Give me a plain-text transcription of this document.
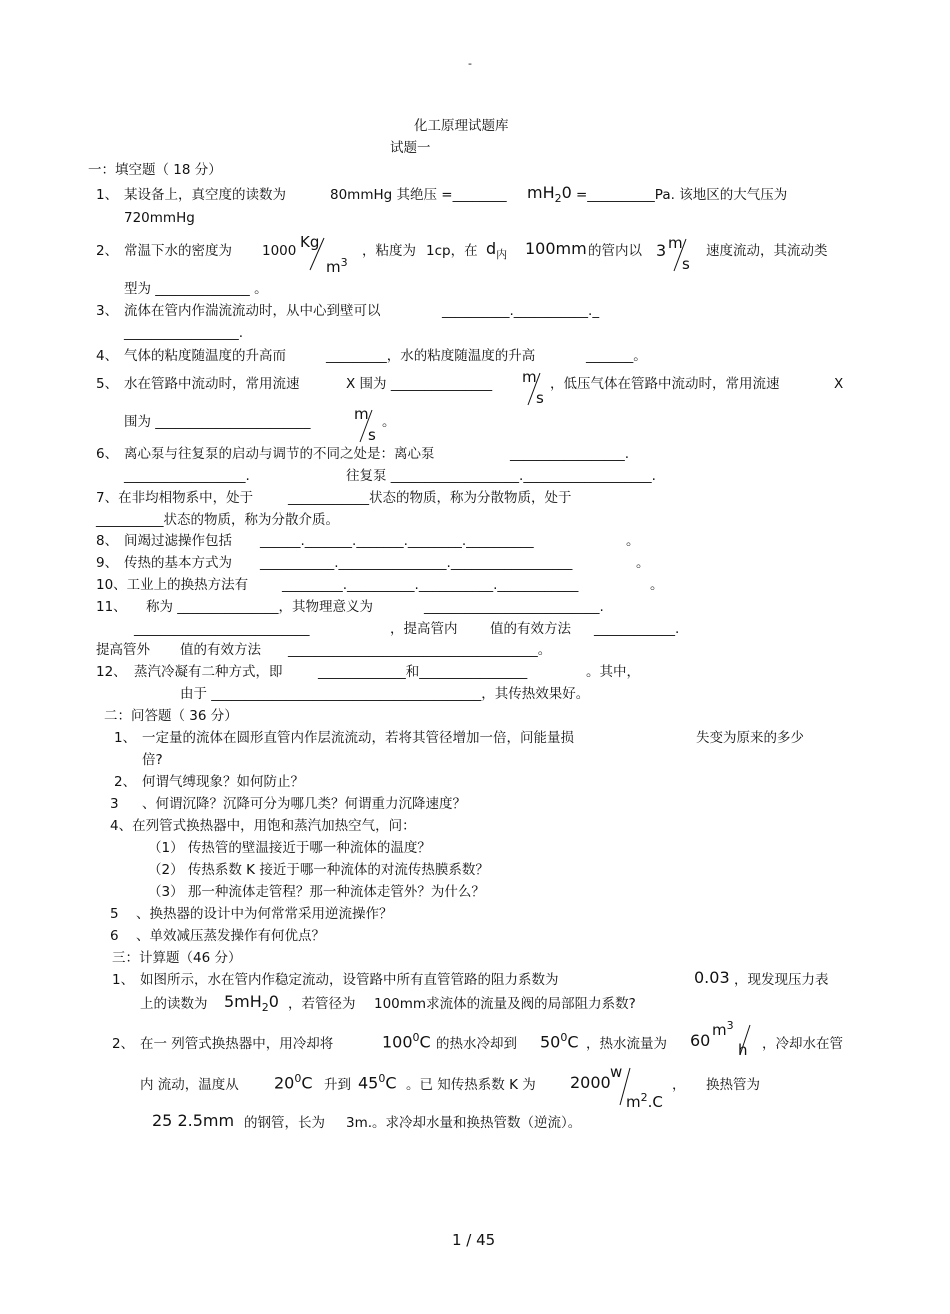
-
化工原理试题库
试题一
一：填空题（ 18 分）
1、 某设备上，真空度的读数为	80mmHg 其绝压 =________ $mH_20$ =__________Pa. 该地区的大气压为
720mmHg
2、 常温下水的密度为 1000 Kg
$m^3$
，粘度为 1cp，在 $d_内$ 100mm 的管内以 3 m
s
速度流动，其流动类
型为 ______________ 。
3、 流体在管内作湍流流动时，从中心到壁可以	__________.___________._
_________________.
4、 气体的粘度随温度的升高而	_________，水的粘度随温度的升高	_______。
5、 水在管路中流动时，常用流速	X 围为 _______________ m
s
，低压气体在管路中流动时，常用流速	X
围为 _______________________	m
s
。
6、 离心泵与往复泵的启动与调节的不同之处是：离心泵	_________________.
__________________.	往复泵 ___________________.___________________.
7、在非均相物系中，处于	____________状态的物质，称为分散物质，处于
__________状态的物质，称为分散介质。
8、 间竭过滤操作包括 ______._______._______.________.__________	。
9、 传热的基本方式为 ___________.________________.__________________	。
10、工业上的换热方法有	_________.__________.___________.____________	。
11、 称为 _______________，其物理意义为	__________________________.
__________________________	，提高管内 值的有效方法 ____________.
提高管外 值的有效方法 _____________________________________。
12、 蒸汽冷凝有二种方式，即	_____________和________________	。其中，
由于 ________________________________________，其传热效果好。
二：问答题（ 36 分）
1、 一定量的流体在圆形直管内作层流流动，若将其管径增加一倍，问能量损	失变为原来的多少
倍?
2、 何谓气缚现象？如何防止？
3 、何谓沉降？沉降可分为哪几类？何谓重力沉降速度？
4、在列管式换热器中，用饱和蒸汽加热空气，问：
（1） 传热管的壁温接近于哪一种流体的温度？
（2） 传热系数 K 接近于哪一种流体的对流传热膜系数？
（3） 那一种流体走管程？那一种流体走管外？为什么？
5 、换热器的设计中为何常常采用逆流操作？
6 、单效减压蒸发操作有何优点？
三：计算题（46 分）
1、 如图所示，水在管内作稳定流动，设管路中所有直管管路的阻力系数为	0.03 ，现发现压力表
上的读数为 $5mH_20$ ，若管径为 100mm求流体的流量及阀的局部阻力系数?
2、 在一 列管式换热器中，用冷却将	$100^0C$ 的热水冷却到 $50^0C$ ，热水流量为 60
$m^3$
h ，冷却水在管
内 流动，温度从 $20^0C$ 升到 $45^0C$ 。已 知传热系数 K 为 2000
w
$m^2.C$
， 换热管为
25 2.5mm 的钢管，长为 3m.。求冷却水量和换热管数（逆流）。
1 / 45
